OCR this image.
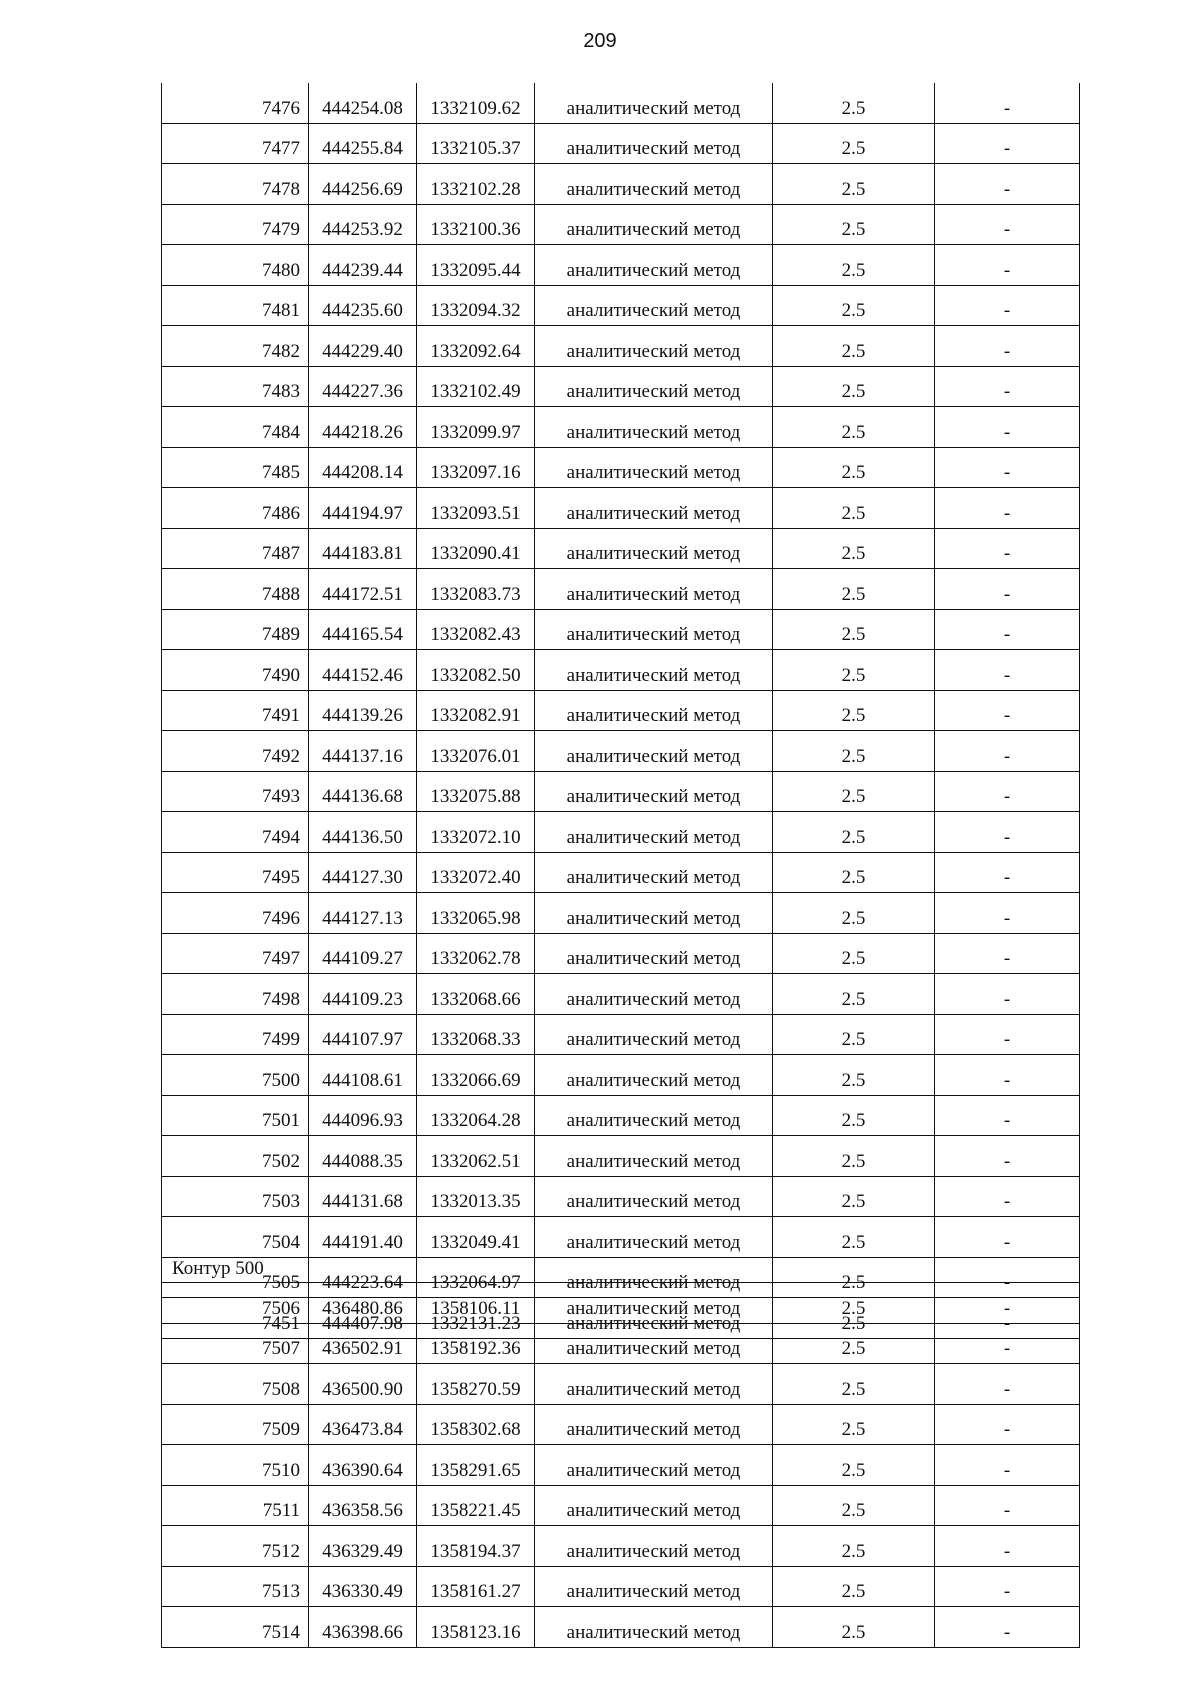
209
7476	444254.08	1332109.62	аналитический метод	2.5	-
7477	444255.84	1332105.37	аналитический метод	2.5	-
7478	444256.69	1332102.28	аналитический метод	2.5	-
7479	444253.92	1332100.36	аналитический метод	2.5	-
7480	444239.44	1332095.44	аналитический метод	2.5	-
7481	444235.60	1332094.32	аналитический метод	2.5	-
7482	444229.40	1332092.64	аналитический метод	2.5	-
7483	444227.36	1332102.49	аналитический метод	2.5	-
7484	444218.26	1332099.97	аналитический метод	2.5	-
7485	444208.14	1332097.16	аналитический метод	2.5	-
7486	444194.97	1332093.51	аналитический метод	2.5	-
7487	444183.81	1332090.41	аналитический метод	2.5	-
7488	444172.51	1332083.73	аналитический метод	2.5	-
7489	444165.54	1332082.43	аналитический метод	2.5	-
7490	444152.46	1332082.50	аналитический метод	2.5	-
7491	444139.26	1332082.91	аналитический метод	2.5	-
7492	444137.16	1332076.01	аналитический метод	2.5	-
7493	444136.68	1332075.88	аналитический метод	2.5	-
7494	444136.50	1332072.10	аналитический метод	2.5	-
7495	444127.30	1332072.40	аналитический метод	2.5	-
7496	444127.13	1332065.98	аналитический метод	2.5	-
7497	444109.27	1332062.78	аналитический метод	2.5	-
7498	444109.23	1332068.66	аналитический метод	2.5	-
7499	444107.97	1332068.33	аналитический метод	2.5	-
7500	444108.61	1332066.69	аналитический метод	2.5	-
7501	444096.93	1332064.28	аналитический метод	2.5	-
7502	444088.35	1332062.51	аналитический метод	2.5	-
7503	444131.68	1332013.35	аналитический метод	2.5	-
7504	444191.40	1332049.41	аналитический метод	2.5	-
7505	444223.64	1332064.97	аналитический метод	2.5	-
7451	444407.98	1332131.23	аналитический метод	2.5	-
Контур 500
7506	436480.86	1358106.11	аналитический метод	2.5	-
7507	436502.91	1358192.36	аналитический метод	2.5	-
7508	436500.90	1358270.59	аналитический метод	2.5	-
7509	436473.84	1358302.68	аналитический метод	2.5	-
7510	436390.64	1358291.65	аналитический метод	2.5	-
7511	436358.56	1358221.45	аналитический метод	2.5	-
7512	436329.49	1358194.37	аналитический метод	2.5	-
7513	436330.49	1358161.27	аналитический метод	2.5	-
7514	436398.66	1358123.16	аналитический метод	2.5	-
